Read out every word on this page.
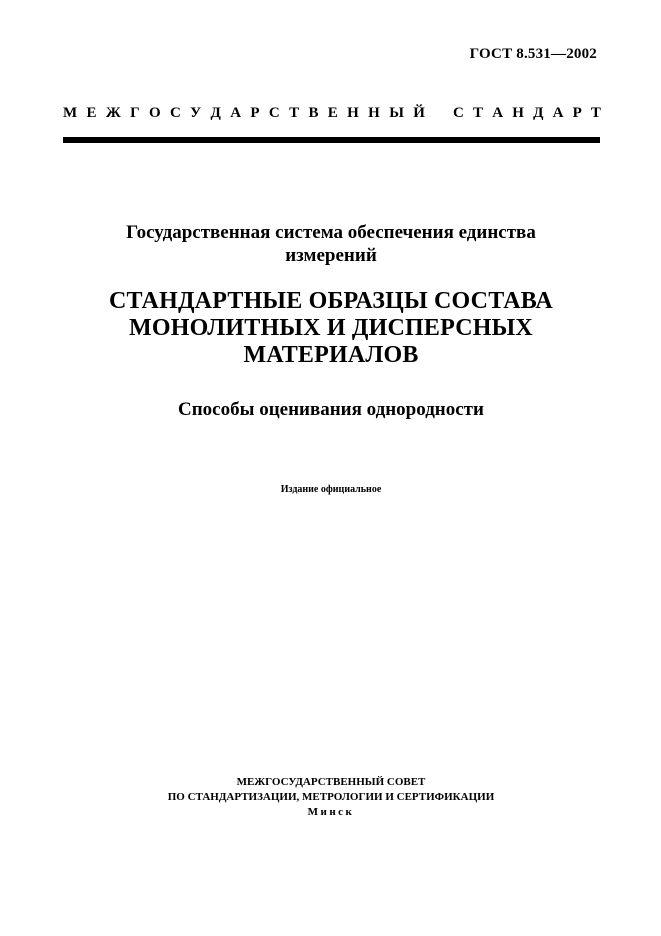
ГОСТ 8.531—2002
М Е Ж Г О С У Д А Р С Т В Е Н Н Ы Й С Т А Н Д А Р Т
Государственная система обеспечения единства измерений
СТАНДАРТНЫЕ ОБРАЗЦЫ СОСТАВА МОНОЛИТНЫХ И ДИСПЕРСНЫХ МАТЕРИАЛОВ
Способы оценивания однородности
Издание официальное
МЕЖГОСУДАРСТВЕННЫЙ СОВЕТ
ПО СТАНДАРТИЗАЦИИ, МЕТРОЛОГИИ И СЕРТИФИКАЦИИ
Минск
